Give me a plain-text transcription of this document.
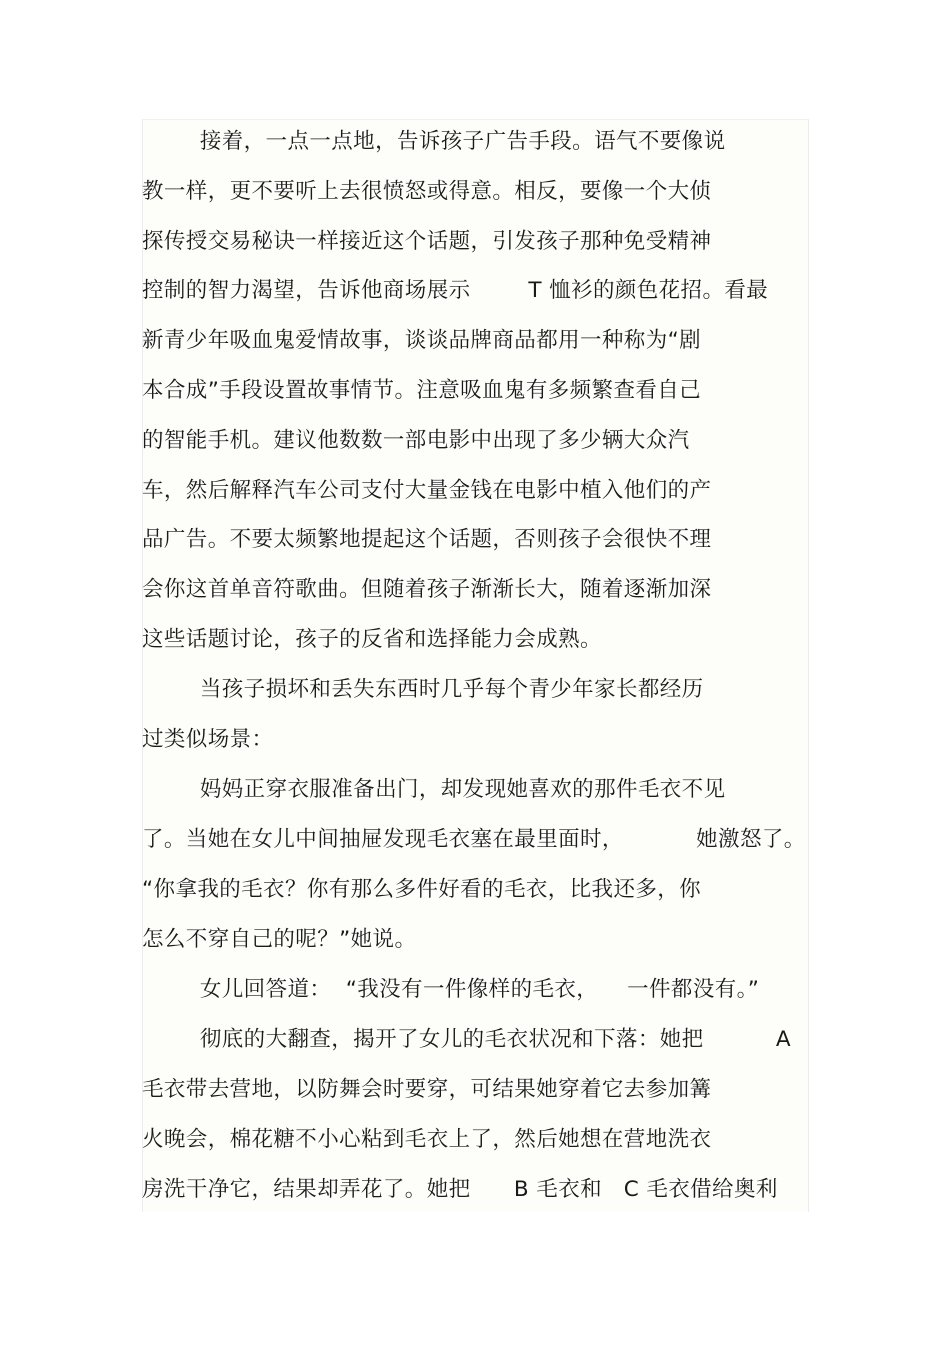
接着，一点一点地，告诉孩子广告手段。语气不要像说
教一样，更不要听上去很愤怒或得意。相反，要像一个大侦
探传授交易秘诀一样接近这个话题，引发孩子那种免受精神
控制的智力渴望，告诉他商场展示        T 恤衫的颜色花招。看最
新青少年吸血鬼爱情故事，谈谈品牌商品都用一种称为“剧
本合成”手段设置故事情节。注意吸血鬼有多频繁查看自己
的智能手机。建议他数数一部电影中出现了多少辆大众汽
车，然后解释汽车公司支付大量金钱在电影中植入他们的产
品广告。不要太频繁地提起这个话题，否则孩子会很快不理
会你这首单音符歌曲。但随着孩子渐渐长大，随着逐渐加深
这些话题讨论，孩子的反省和选择能力会成熟。
当孩子损坏和丢失东西时几乎每个青少年家长都经历
过类似场景：
妈妈正穿衣服准备出门，却发现她喜欢的那件毛衣不见
了。当她在女儿中间抽屉发现毛衣塞在最里面时，          她激怒了。
“你拿我的毛衣？你有那么多件好看的毛衣，比我还多，你
怎么不穿自己的呢？”她说。
女儿回答道：  “我没有一件像样的毛衣，    一件都没有。”
彻底的大翻查，揭开了女儿的毛衣状况和下落：她把          A
毛衣带去营地，以防舞会时要穿，可结果她穿着它去参加篝
火晚会，棉花糖不小心粘到毛衣上了，然后她想在营地洗衣
房洗干净它，结果却弄花了。她把      B 毛衣和   C 毛衣借给奥利
